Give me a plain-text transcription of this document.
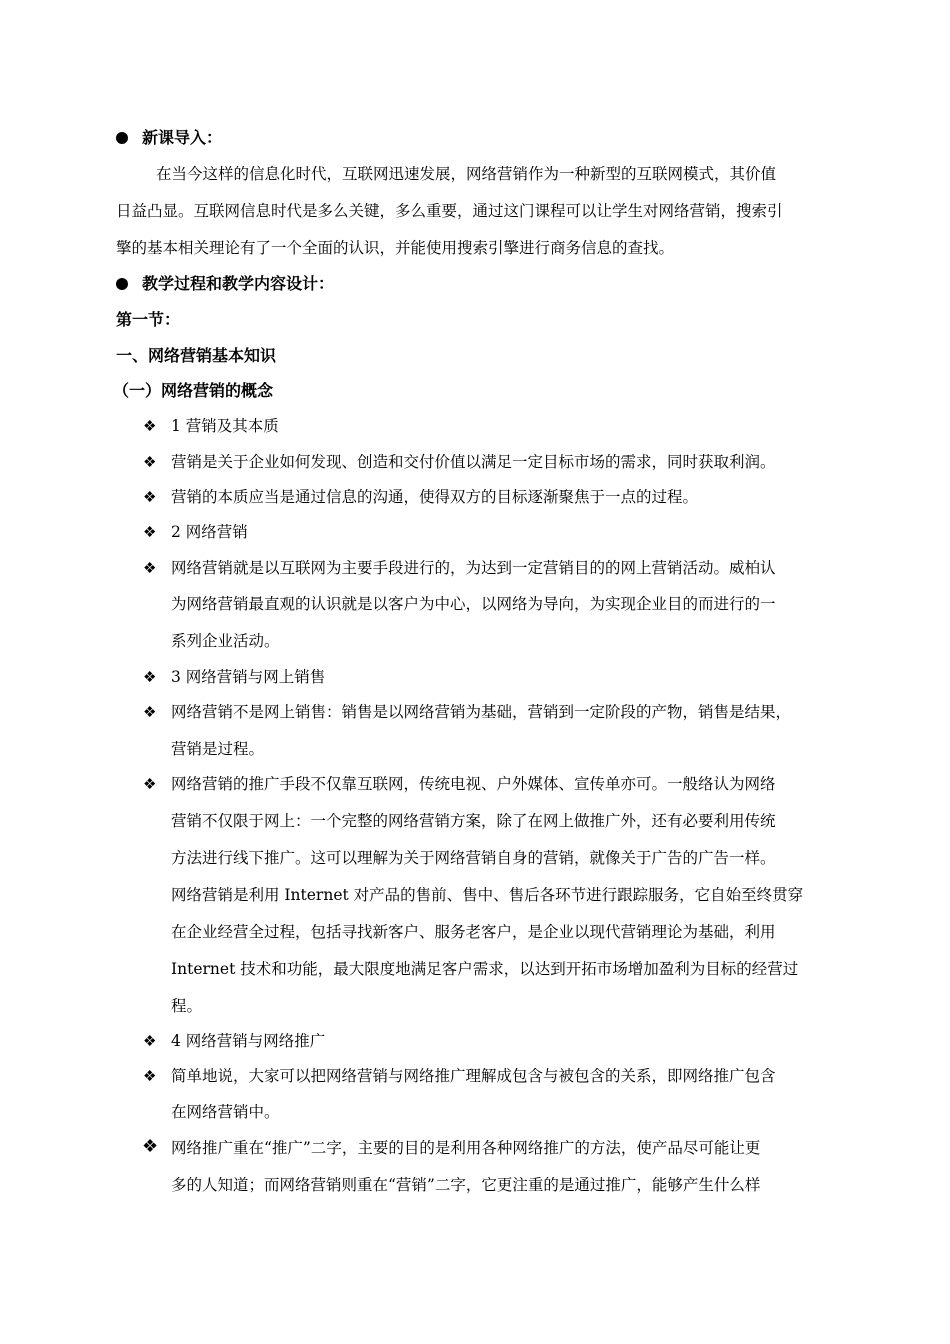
新课导入：
在当今这样的信息化时代，互联网迅速发展，网络营销作为一种新型的互联网模式，其价值
日益凸显。互联网信息时代是多么关键，多么重要，通过这门课程可以让学生对网络营销，搜索引
擎的基本相关理论有了一个全面的认识，并能使用搜索引擎进行商务信息的查找。
教学过程和教学内容设计：
第一节：
一、网络营销基本知识
（一）网络营销的概念
❖ 1 营销及其本质
❖ 营销是关于企业如何发现、创造和交付价值以满足一定目标市场的需求，同时获取利润。
❖ 营销的本质应当是通过信息的沟通，使得双方的目标逐渐聚焦于一点的过程。
❖ 2 网络营销
❖ 网络营销就是以互联网为主要手段进行的，为达到一定营销目的的网上营销活动。威柏认
为网络营销最直观的认识就是以客户为中心，以网络为导向，为实现企业目的而进行的一
系列企业活动。
❖ 3 网络营销与网上销售
❖ 网络营销不是网上销售：销售是以网络营销为基础，营销到一定阶段的产物，销售是结果，
营销是过程。
❖ 网络营销的推广手段不仅靠互联网，传统电视、户外媒体、宣传单亦可。一般络认为网络
营销不仅限于网上：一个完整的网络营销方案，除了在网上做推广外，还有必要利用传统
方法进行线下推广。这可以理解为关于网络营销自身的营销，就像关于广告的广告一样。
网络营销是利用 Internet 对产品的售前、售中、售后各环节进行跟踪服务，它自始至终贯穿
在企业经营全过程，包括寻找新客户、服务老客户，是企业以现代营销理论为基础，利用
Internet 技术和功能，最大限度地满足客户需求，以达到开拓市场增加盈利为目标的经营过
程。
❖ 4 网络营销与网络推广
❖ 简单地说，大家可以把网络营销与网络推广理解成包含与被包含的关系，即网络推广包含
在网络营销中。
❖ 网络推广重在“推广”二字，主要的目的是利用各种网络推广的方法，使产品尽可能让更
多的人知道；而网络营销则重在“营销”二字，它更注重的是通过推广，能够产生什么样
